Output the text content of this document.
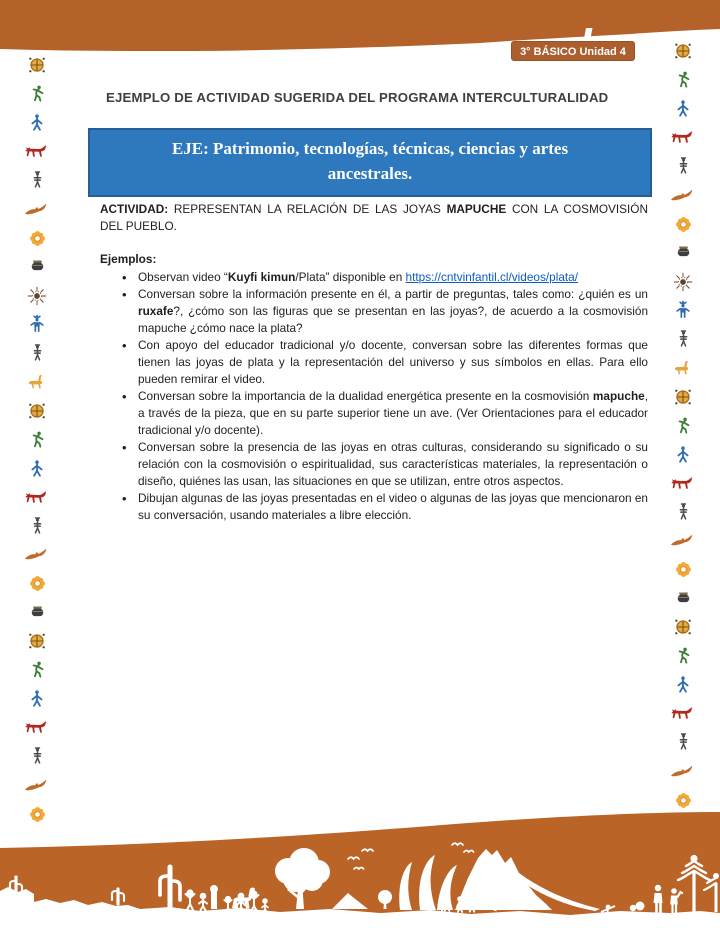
3° BÁSICO Unidad 4
EJEMPLO DE ACTIVIDAD SUGERIDA DEL PROGRAMA INTERCULTURALIDAD
EJE: Patrimonio, tecnologías, técnicas, ciencias y artes ancestrales.

ACTIVIDAD: REPRESENTAN LA RELACIÓN DE LAS JOYAS MAPUCHE CON LA COSMOVISIÓN DEL PUEBLO.

Ejemplos:

• Observan video “Kuyfi kimun/Plata” disponible en https://cntvinfantil.cl/videos/plata/
• Conversan sobre la información presente en él, a partir de preguntas, tales como: ¿quién es un ruxafe?, ¿cómo son las figuras que se presentan en las joyas?, de acuerdo a la cosmovisión mapuche ¿cómo nace la plata?
• Con apoyo del educador tradicional y/o docente, conversan sobre las diferentes formas que tienen las joyas de plata y la representación del universo y sus símbolos en ellas. Para ello pueden remirar el video.
• Conversan sobre la importancia de la dualidad energética presente en la cosmovisión mapuche, a través de la pieza, que en su parte superior tiene un ave. (Ver Orientaciones para el educador tradicional y/o docente).
• Conversan sobre la presencia de las joyas en otras culturas, considerando su significado o su relación con la cosmovisión o espiritualidad, sus características materiales, la representación o diseño, quiénes las usan, las situaciones en que se utilizan, entre otros aspectos.
• Dibujan algunas de las joyas presentadas en el video o algunas de las joyas que mencionaron en su conversación, usando materiales a libre elección.
